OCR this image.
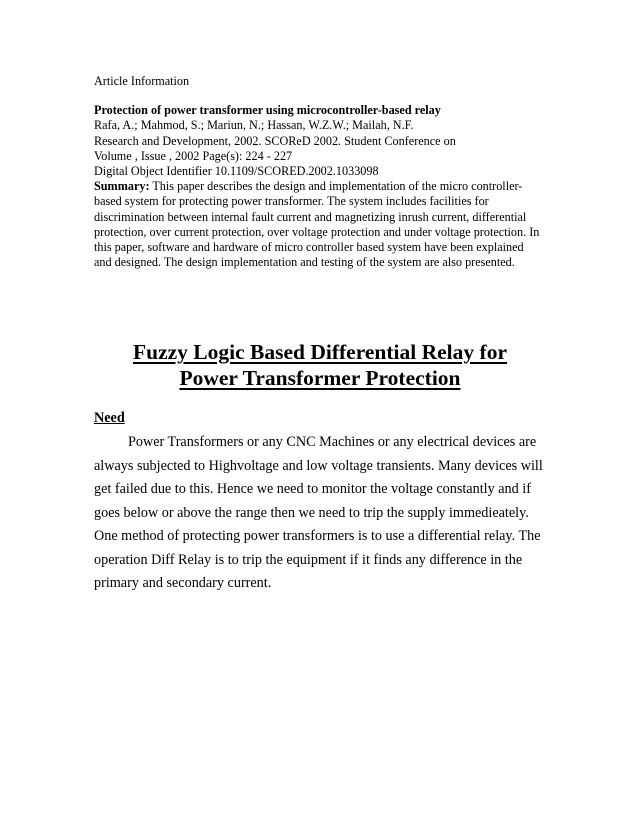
Article Information
Protection of power transformer using microcontroller-based relay
Rafa, A.; Mahmod, S.; Mariun, N.; Hassan, W.Z.W.; Mailah, N.F.
Research and Development, 2002. SCOReD 2002. Student Conference on
Volume , Issue , 2002 Page(s): 224 - 227
Digital Object Identifier 10.1109/SCORED.2002.1033098

Summary: This paper describes the design and implementation of the micro controller-based system for protecting power transformer. The system includes facilities for discrimination between internal fault current and magnetizing inrush current, differential protection, over current protection, over voltage protection and under voltage protection. In this paper, software and hardware of micro controller based system have been explained and designed. The design implementation and testing of the system are also presented.

Fuzzy Logic Based Differential Relay for
Power Transformer Protection
Need

Power Transformers or any CNC Machines or any electrical devices are always subjected to Highvoltage and low voltage transients. Many devices will get failed due to this. Hence we need to monitor the voltage constantly and if goes below or above the range then we need to trip the supply immedieately. One method of protecting power transformers is to use a differential relay. The operation Diff Relay is to trip the equipment if it finds any difference in the primary and secondary current.
